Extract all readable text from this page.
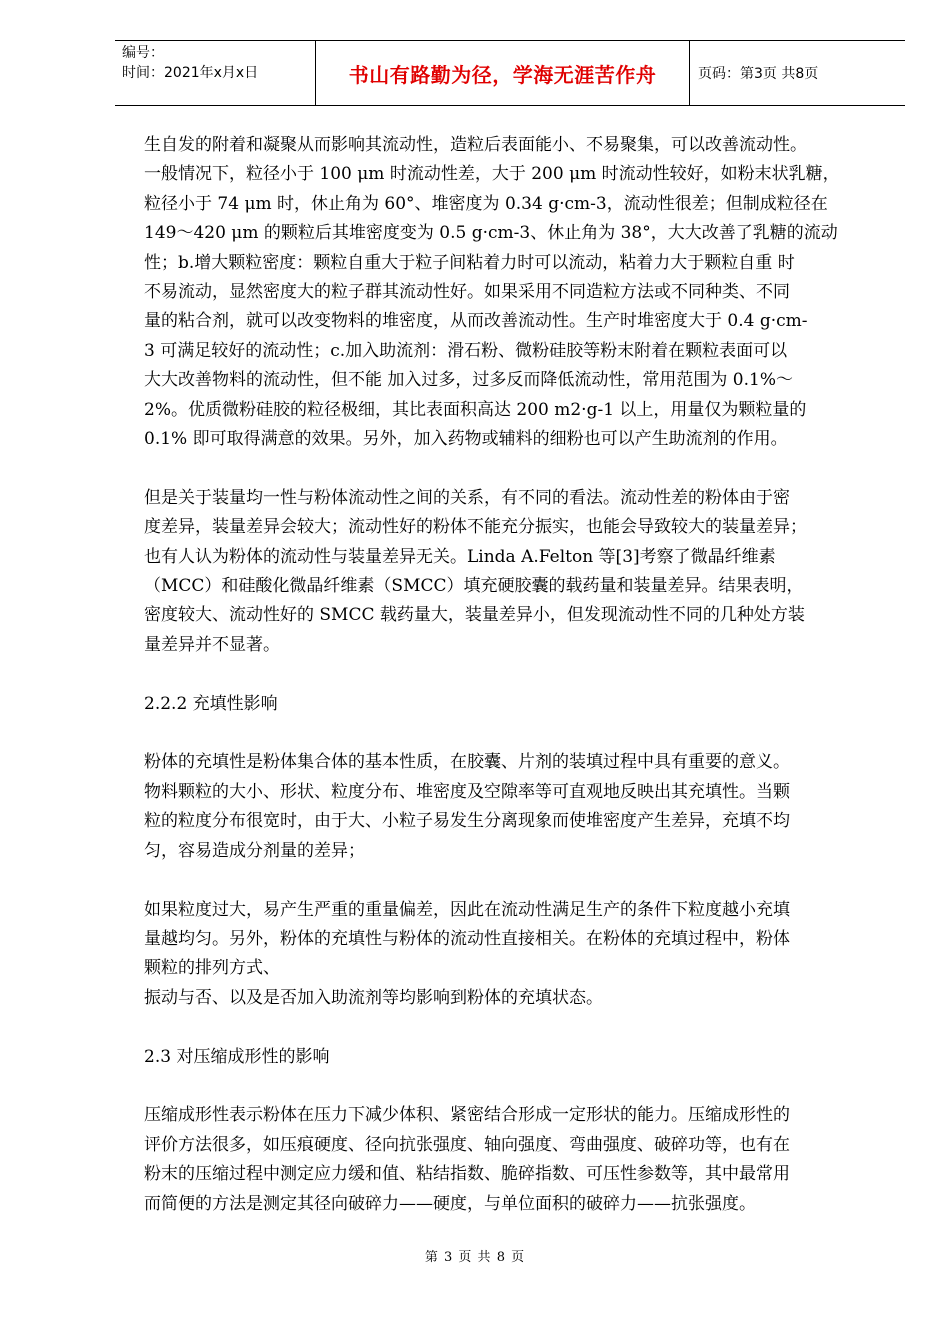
编号：
时间：2021年x月x日	书山有路勤为径，学海无涯苦作舟	页码：第3页 共8页

生自发的附着和凝聚从而影响其流动性，造粒后表面能小、不易聚集，可以改善流动性。
一般情况下，粒径小于 100 μm 时流动性差，大于 200 μm 时流动性较好，如粉末状乳糖，
粒径小于 74 μm 时，休止角为 60°、堆密度为 0.34 g·cm-3，流动性很差；但制成粒径在
149～420 μm 的颗粒后其堆密度变为 0.5 g·cm-3、休止角为 38°，大大改善了乳糖的流动
性；b.增大颗粒密度：颗粒自重大于粒子间粘着力时可以流动，粘着力大于颗粒自重 时
不易流动，显然密度大的粒子群其流动性好。如果采用不同造粒方法或不同种类、不同
量的粘合剂，就可以改变物料的堆密度，从而改善流动性。生产时堆密度大于 0.4 g·cm-
3 可满足较好的流动性；c.加入助流剂：滑石粉、微粉硅胶等粉末附着在颗粒表面可以
大大改善物料的流动性，但不能 加入过多，过多反而降低流动性，常用范围为 0.1%～
2%。优质微粉硅胶的粒径极细，其比表面积高达 200 m2·g-1 以上，用量仅为颗粒量的
0.1% 即可取得满意的效果。另外，加入药物或辅料的细粉也可以产生助流剂的作用。

但是关于装量均一性与粉体流动性之间的关系，有不同的看法。流动性差的粉体由于密
度差异，装量差异会较大；流动性好的粉体不能充分振实，也能会导致较大的装量差异；
也有人认为粉体的流动性与装量差异无关。Linda A.Felton 等[3]考察了微晶纤维素
（MCC）和硅酸化微晶纤维素（SMCC）填充硬胶囊的载药量和装量差异。结果表明，
密度较大、流动性好的 SMCC 载药量大，装量差异小，但发现流动性不同的几种处方装
量差异并不显著。

2.2.2 充填性影响

粉体的充填性是粉体集合体的基本性质，在胶囊、片剂的装填过程中具有重要的意义。
物料颗粒的大小、形状、粒度分布、堆密度及空隙率等可直观地反映出其充填性。当颗
粒的粒度分布很宽时，由于大、小粒子易发生分离现象而使堆密度产生差异，充填不均
匀，容易造成分剂量的差异；

如果粒度过大，易产生严重的重量偏差，因此在流动性满足生产的条件下粒度越小充填
量越均匀。另外，粉体的充填性与粉体的流动性直接相关。在粉体的充填过程中，粉体
颗粒的排列方式、
振动与否、以及是否加入助流剂等均影响到粉体的充填状态。

2.3 对压缩成形性的影响

压缩成形性表示粉体在压力下减少体积、紧密结合形成一定形状的能力。压缩成形性的
评价方法很多，如压痕硬度、径向抗张强度、轴向强度、弯曲强度、破碎功等，也有在
粉末的压缩过程中测定应力缓和值、粘结指数、脆碎指数、可压性参数等，其中最常用
而简便的方法是测定其径向破碎力——硬度，与单位面积的破碎力——抗张强度。

第 3 页 共 8 页
